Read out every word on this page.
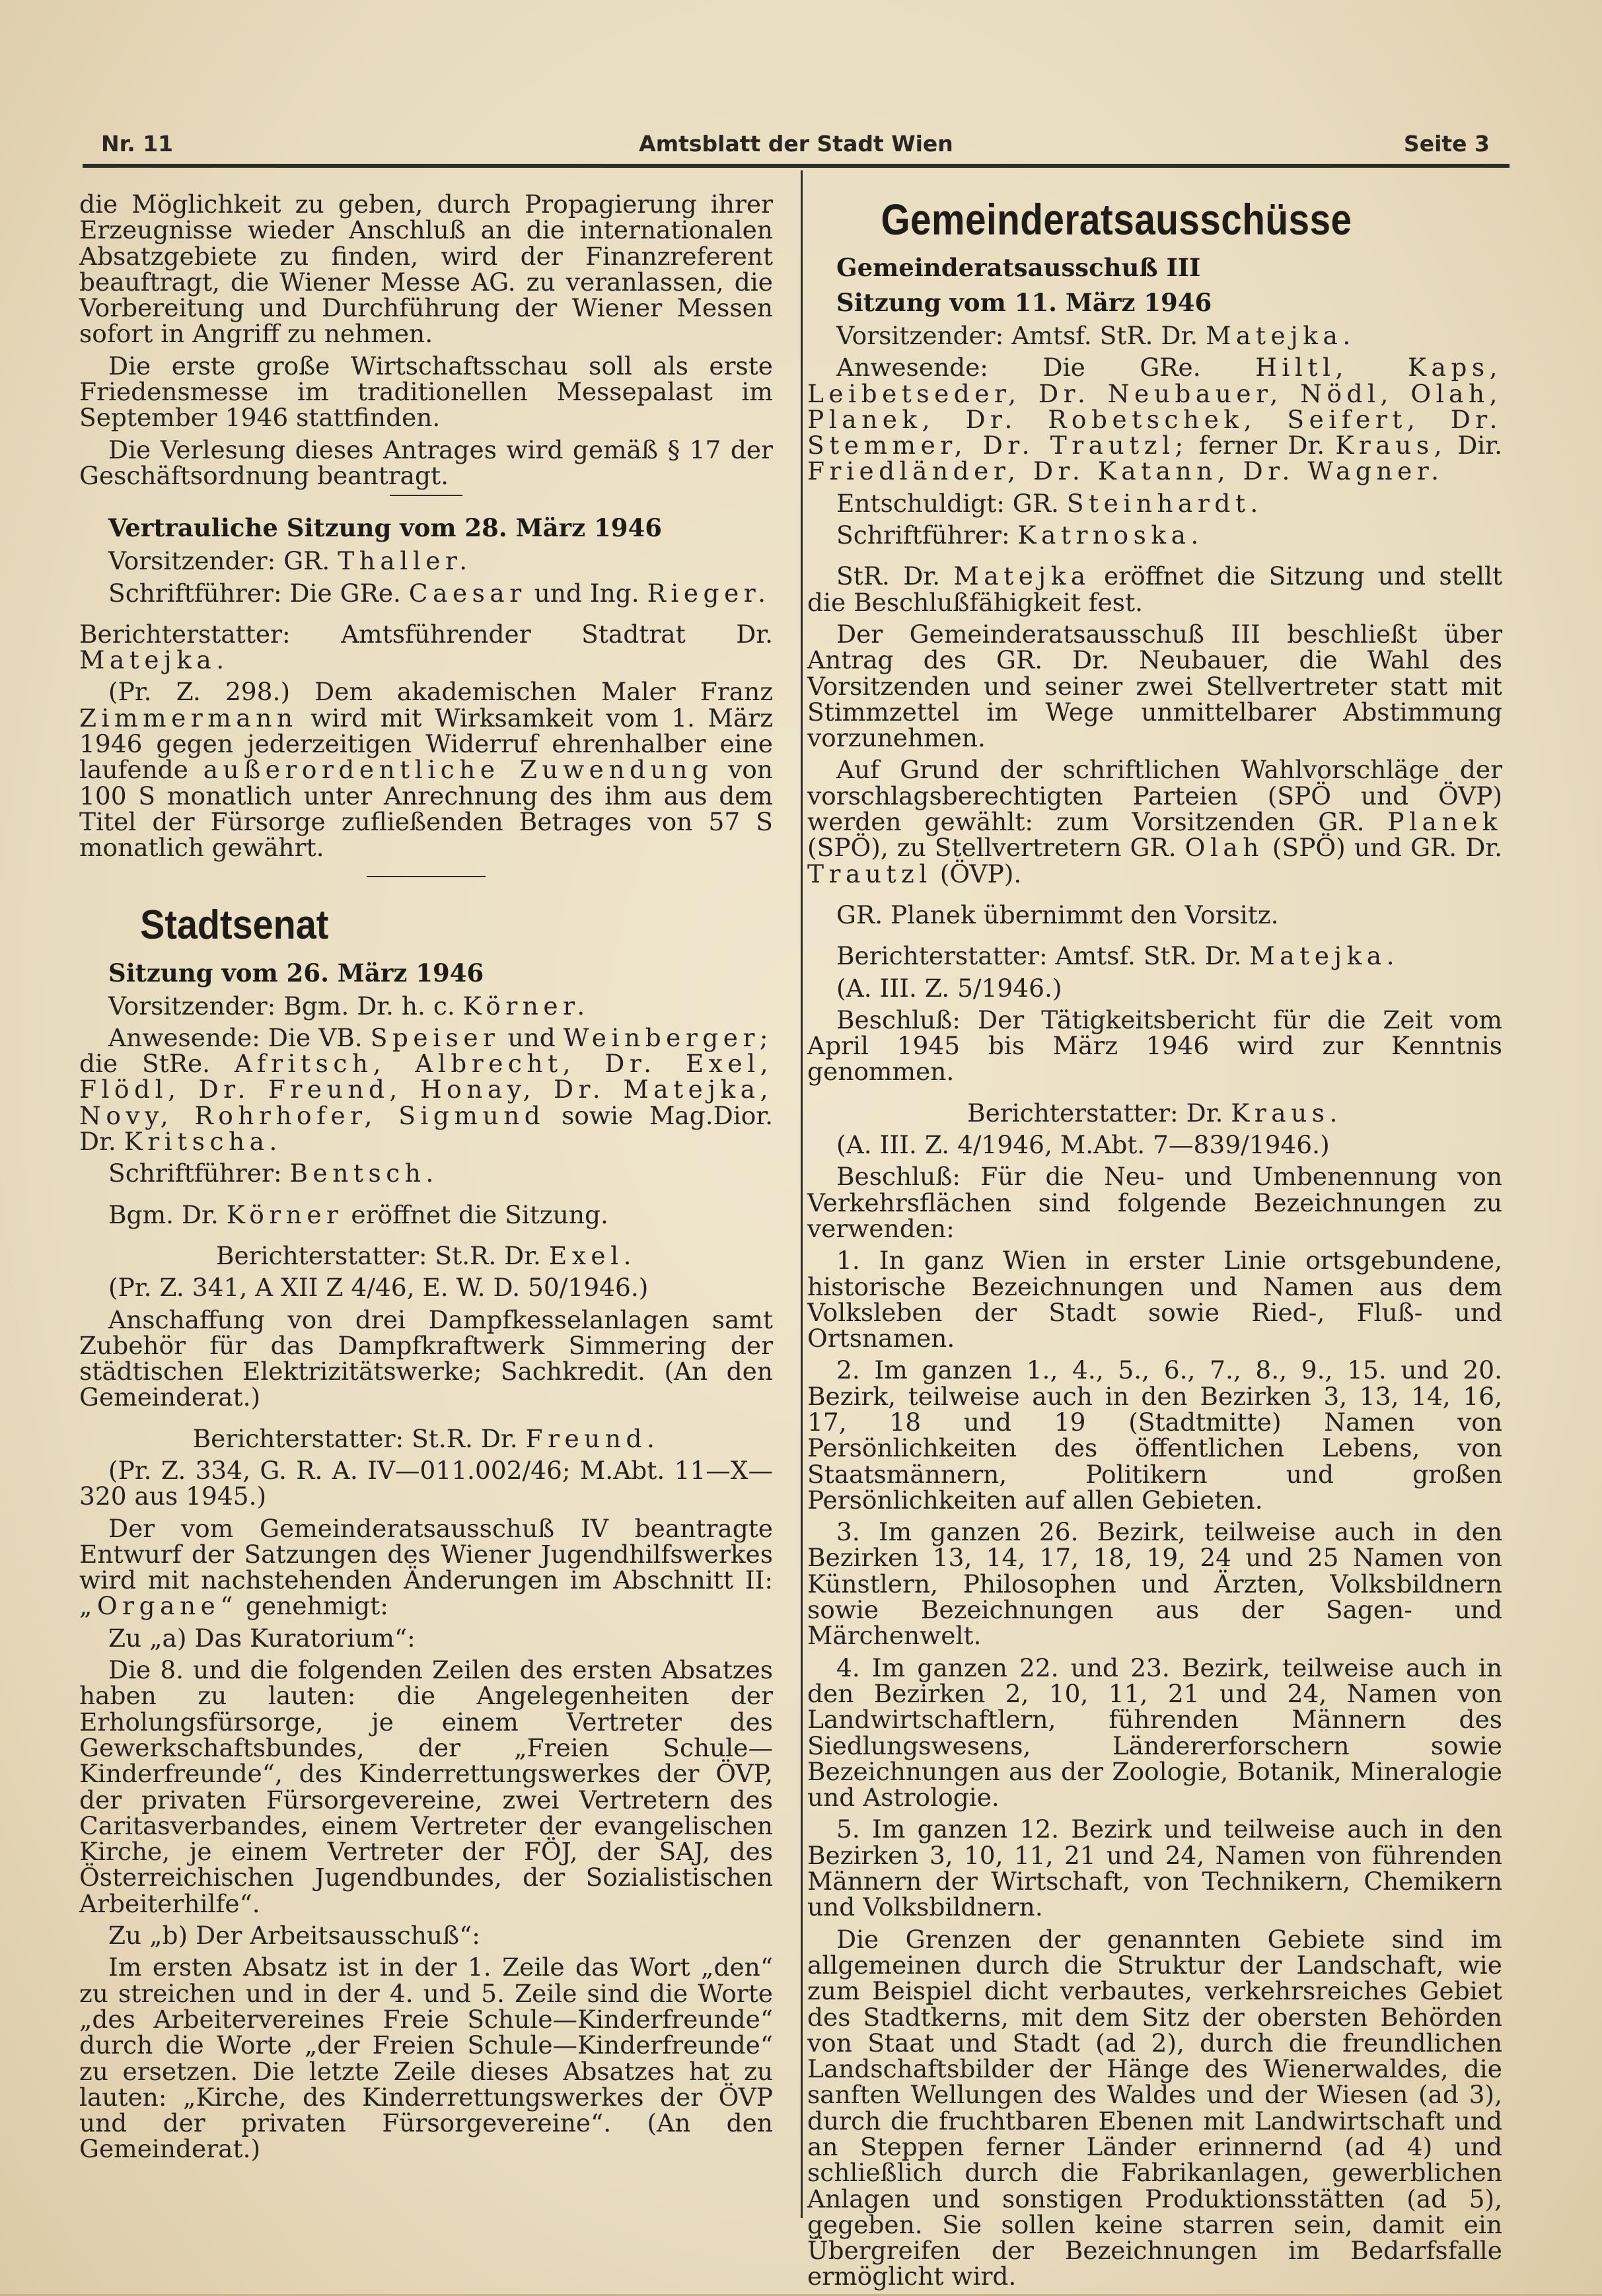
Nr. 11	Amtsblatt der Stadt Wien	Seite 3

die Möglichkeit zu geben, durch Propagierung ihrer Erzeugnisse wieder Anschluß an die internationalen Absatzgebiete zu finden, wird der Finanzreferent beauftragt, die Wiener Messe AG. zu veranlassen, die Vorbereitung und Durchführung der Wiener Messen sofort in Angriff zu nehmen.

Die erste große Wirtschaftsschau soll als erste Friedensmesse im traditionellen Messepalast im September 1946 stattfinden.

Die Verlesung dieses Antrages wird gemäß § 17 der Geschäftsordnung beantragt.

Vertrauliche Sitzung vom 28. März 1946

Vorsitzender: GR. Thaller.

Schriftführer: Die GRe. Caesar und Ing. Rieger.

Berichterstatter: Amtsführender Stadtrat Dr. Matejka.

(Pr. Z. 298.) Dem akademischen Maler Franz Zimmermann wird mit Wirksamkeit vom 1. März 1946 gegen jederzeitigen Widerruf ehrenhalber eine laufende außerordentliche Zuwendung von 100 S monatlich unter Anrechnung des ihm aus dem Titel der Fürsorge zufließenden Betrages von 57 S monatlich gewährt.

Stadtsenat

Sitzung vom 26. März 1946

Vorsitzender: Bgm. Dr. h. c. Körner.

Anwesende: Die VB. Speiser und Weinberger; die StRe. Afritsch, Albrecht, Dr. Exel, Flödl, Dr. Freund, Honay, Dr. Matejka, Novy, Rohrhofer, Sigmund sowie Mag.Dior. Dr. Kritscha.

Schriftführer: Bentsch.

Bgm. Dr. Körner eröffnet die Sitzung.

Berichterstatter: St.R. Dr. Exel.

(Pr. Z. 341, A XII Z 4/46, E. W. D. 50/1946.)

Anschaffung von drei Dampfkesselanlagen samt Zubehör für das Dampfkraftwerk Simmering der städtischen Elektrizitätswerke; Sachkredit. (An den Gemeinderat.)

Berichterstatter: St.R. Dr. Freund.

(Pr. Z. 334, G. R. A. IV—011.002/46; M.Abt. 11—X—320 aus 1945.)

Der vom Gemeinderatsausschuß IV beantragte Entwurf der Satzungen des Wiener Jugendhilfswerkes wird mit nachstehenden Änderungen im Abschnitt II: „Organe“ genehmigt:

Zu „a) Das Kuratorium“:

Die 8. und die folgenden Zeilen des ersten Absatzes haben zu lauten: die Angelegenheiten der Erholungsfürsorge, je einem Vertreter des Gewerkschaftsbundes, der „Freien Schule—Kinderfreunde“, des Kinderrettungswerkes der ÖVP, der privaten Fürsorgevereine, zwei Vertretern des Caritasverbandes, einem Vertreter der evangelischen Kirche, je einem Vertreter der FÖJ, der SAJ, des Österreichischen Jugendbundes, der Sozialistischen Arbeiterhilfe“.

Zu „b) Der Arbeitsausschuß“:

Im ersten Absatz ist in der 1. Zeile das Wort „den“ zu streichen und in der 4. und 5. Zeile sind die Worte „des Arbeitervereines Freie Schule—Kinderfreunde“ durch die Worte „der Freien Schule—Kinderfreunde“ zu ersetzen. Die letzte Zeile dieses Absatzes hat zu lauten: „Kirche, des Kinderrettungswerkes der ÖVP und der privaten Fürsorgevereine“. (An den Gemeinderat.)

Gemeinderatsausschüsse

Gemeinderatsausschuß III

Sitzung vom 11. März 1946

Vorsitzender: Amtsf. StR. Dr. Matejka.

Anwesende: Die GRe. Hiltl, Kaps, Leibetseder, Dr. Neubauer, Nödl, Olah, Planek, Dr. Robetschek, Seifert, Dr. Stemmer, Dr. Trautzl; ferner Dr. Kraus, Dir. Friedländer, Dr. Katann, Dr. Wagner.

Entschuldigt: GR. Steinhardt.

Schriftführer: Katrnoska.

StR. Dr. Matejka eröffnet die Sitzung und stellt die Beschlußfähigkeit fest.

Der Gemeinderatsausschuß III beschließt über Antrag des GR. Dr. Neubauer, die Wahl des Vorsitzenden und seiner zwei Stellvertreter statt mit Stimmzettel im Wege unmittelbarer Abstimmung vorzunehmen.

Auf Grund der schriftlichen Wahlvorschläge der vorschlagsberechtigten Parteien (SPÖ und ÖVP) werden gewählt: zum Vorsitzenden GR. Planek (SPÖ), zu Stellvertretern GR. Olah (SPÖ) und GR. Dr. Trautzl (ÖVP).

GR. Planek übernimmt den Vorsitz.

Berichterstatter: Amtsf. StR. Dr. Matejka.

(A. III. Z. 5/1946.)

Beschluß: Der Tätigkeitsbericht für die Zeit vom April 1945 bis März 1946 wird zur Kenntnis genommen.

Berichterstatter: Dr. Kraus.

(A. III. Z. 4/1946, M.Abt. 7—839/1946.)

Beschluß: Für die Neu- und Umbenennung von Verkehrsflächen sind folgende Bezeichnungen zu verwenden:

1. In ganz Wien in erster Linie ortsgebundene, historische Bezeichnungen und Namen aus dem Volksleben der Stadt sowie Ried-, Fluß- und Ortsnamen.

2. Im ganzen 1., 4., 5., 6., 7., 8., 9., 15. und 20. Bezirk, teilweise auch in den Bezirken 3, 13, 14, 16, 17, 18 und 19 (Stadtmitte) Namen von Persönlichkeiten des öffentlichen Lebens, von Staatsmännern, Politikern und großen Persönlichkeiten auf allen Gebieten.

3. Im ganzen 26. Bezirk, teilweise auch in den Bezirken 13, 14, 17, 18, 19, 24 und 25 Namen von Künstlern, Philosophen und Ärzten, Volksbildnern sowie Bezeichnungen aus der Sagen- und Märchenwelt.

4. Im ganzen 22. und 23. Bezirk, teilweise auch in den Bezirken 2, 10, 11, 21 und 24, Namen von Landwirtschaftlern, führenden Männern des Siedlungswesens, Ländererforschern sowie Bezeichnungen aus der Zoologie, Botanik, Mineralogie und Astrologie.

5. Im ganzen 12. Bezirk und teilweise auch in den Bezirken 3, 10, 11, 21 und 24, Namen von führenden Männern der Wirtschaft, von Technikern, Chemikern und Volksbildnern.

Die Grenzen der genannten Gebiete sind im allgemeinen durch die Struktur der Landschaft, wie zum Beispiel dicht verbautes, verkehrsreiches Gebiet des Stadtkerns, mit dem Sitz der obersten Behörden von Staat und Stadt (ad 2), durch die freundlichen Landschaftsbilder der Hänge des Wienerwaldes, die sanften Wellungen des Waldes und der Wiesen (ad 3), durch die fruchtbaren Ebenen mit Landwirtschaft und an Steppen ferner Länder erinnernd (ad 4) und schließlich durch die Fabrikanlagen, gewerblichen Anlagen und sonstigen Produktionsstätten (ad 5), gegeben. Sie sollen keine starren sein, damit ein Übergreifen der Bezeichnungen im Bedarfsfalle ermöglicht wird.
